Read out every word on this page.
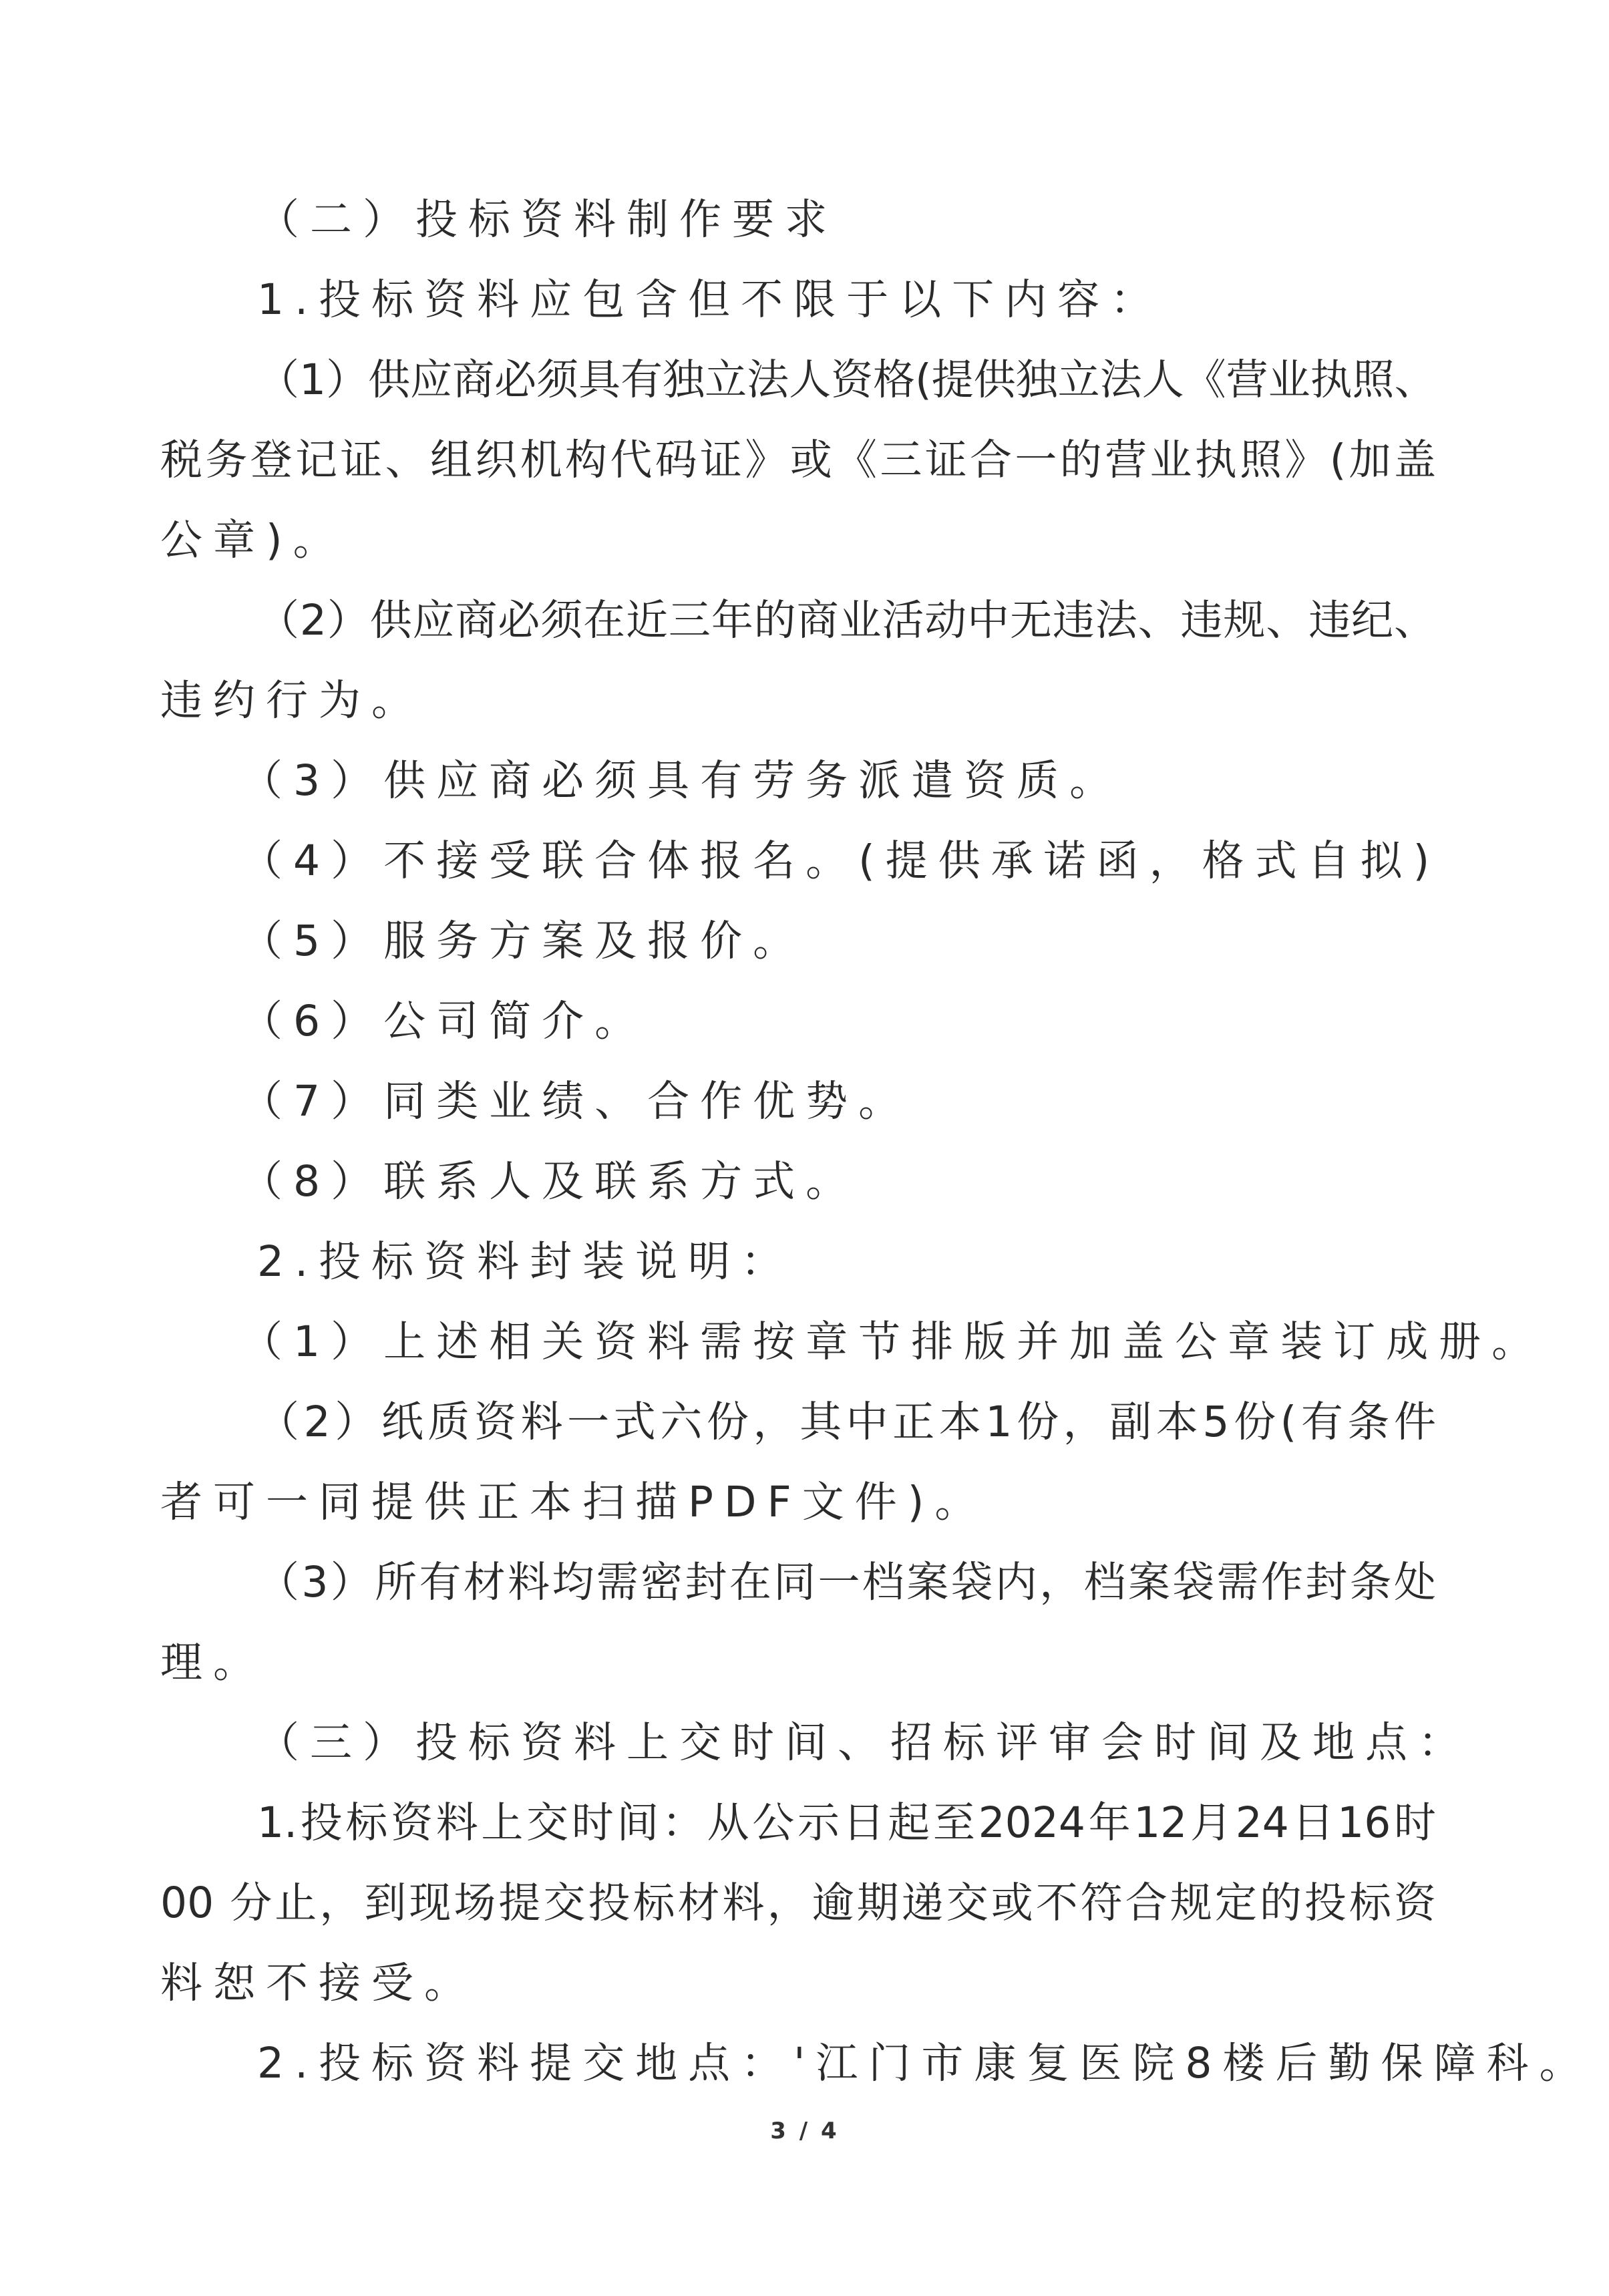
（二）投标资料制作要求
1.投标资料应包含但不限于以下内容：
（1）供应商必须具有独立法人资格(提供独立法人《营业执照、
税务登记证、组织机构代码证》或《三证合一的营业执照》(加盖
公章)。
（2）供应商必须在近三年的商业活动中无违法、违规、违纪、
违约行为。
（3）供应商必须具有劳务派遣资质。
（4）不接受联合体报名。(提供承诺函，格式自拟)
（5）服务方案及报价。
（6）公司简介。
（7）同类业绩、合作优势。
（8）联系人及联系方式。
2.投标资料封装说明：
（1）上述相关资料需按章节排版并加盖公章装订成册。
（2）纸质资料一式六份，其中正本1份，副本5份(有条件
者可一同提供正本扫描PDF文件)。
（3）所有材料均需密封在同一档案袋内，档案袋需作封条处
理。
（三）投标资料上交时间、招标评审会时间及地点：
1.投标资料上交时间：从公示日起至2024年12月24日16时
00 分止，到现场提交投标材料，逾期递交或不符合规定的投标资
料恕不接受。
2.投标资料提交地点：'江门市康复医院8楼后勤保障科。
3 / 4
